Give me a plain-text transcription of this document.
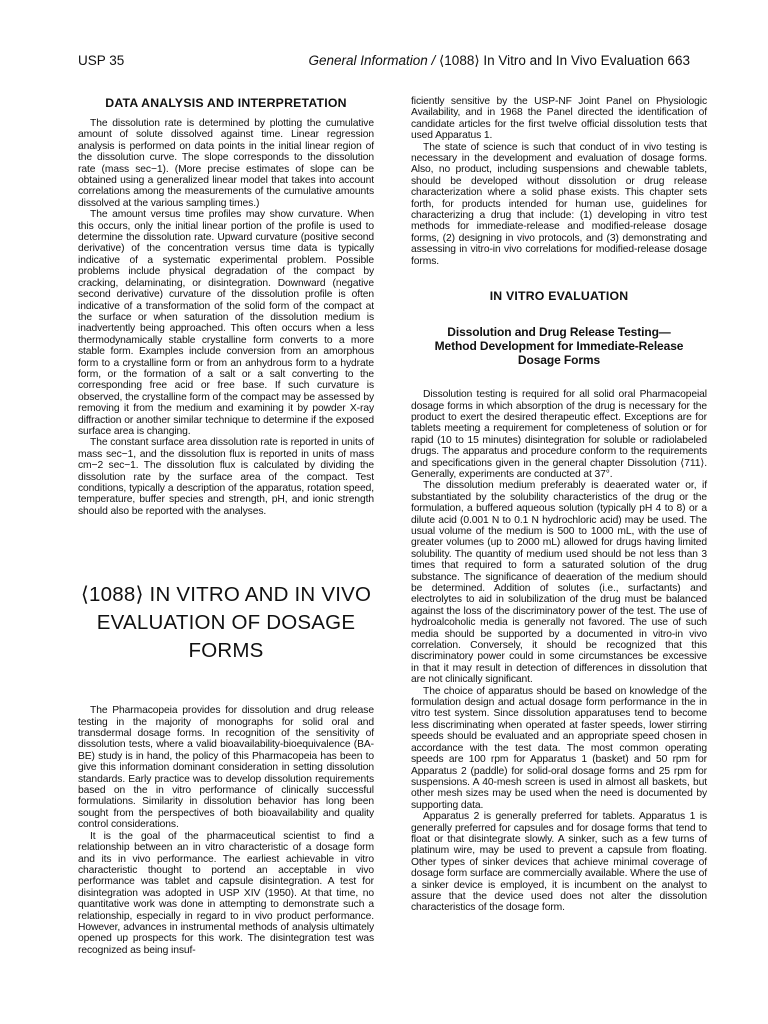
USP 35	General Information / ⟨1088⟩ In Vitro and In Vivo Evaluation 663
DATA ANALYSIS AND INTERPRETATION

The dissolution rate is determined by plotting the cumulative amount of solute dissolved against time. Linear regression analysis is performed on data points in the initial linear region of the dissolution curve. The slope corresponds to the dissolution rate (mass sec−1). (More precise estimates of slope can be obtained using a generalized linear model that takes into account correlations among the measurements of the cumulative amounts dissolved at the various sampling times.)

The amount versus time profiles may show curvature. When this occurs, only the initial linear portion of the profile is used to determine the dissolution rate. Upward curvature (positive second derivative) of the concentration versus time data is typically indicative of a systematic experimental problem. Possible problems include physical degradation of the compact by cracking, delaminating, or disintegration. Downward (negative second derivative) curvature of the dissolution profile is often indicative of a transformation of the solid form of the compact at the surface or when saturation of the dissolution medium is inadvertently being approached. This often occurs when a less thermodynamically stable crystalline form converts to a more stable form. Examples include conversion from an amorphous form to a crystalline form or from an anhydrous form to a hydrate form, or the formation of a salt or a salt converting to the corresponding free acid or free base. If such curvature is observed, the crystalline form of the compact may be assessed by removing it from the medium and examining it by powder X-ray diffraction or another similar technique to determine if the exposed surface area is changing.

The constant surface area dissolution rate is reported in units of mass sec−1, and the dissolution flux is reported in units of mass cm−2 sec−1. The dissolution flux is calculated by dividing the dissolution rate by the surface area of the compact. Test conditions, typically a description of the apparatus, rotation speed, temperature, buffer species and strength, pH, and ionic strength should also be reported with the analyses.

⟨1088⟩ IN VITRO AND IN VIVO
EVALUATION OF DOSAGE FORMS

The Pharmacopeia provides for dissolution and drug release testing in the majority of monographs for solid oral and transdermal dosage forms. In recognition of the sensitivity of dissolution tests, where a valid bioavailability-bioequivalence (BA-BE) study is in hand, the policy of this Pharmacopeia has been to give this information dominant consideration in setting dissolution standards. Early practice was to develop dissolution requirements based on the in vitro performance of clinically successful formulations. Similarity in dissolution behavior has long been sought from the perspectives of both bioavailability and quality control considerations.

It is the goal of the pharmaceutical scientist to find a relationship between an in vitro characteristic of a dosage form and its in vivo performance. The earliest achievable in vitro characteristic thought to portend an acceptable in vivo performance was tablet and capsule disintegration. A test for disintegration was adopted in USP XIV (1950). At that time, no quantitative work was done in attempting to demonstrate such a relationship, especially in regard to in vivo product performance. However, advances in instrumental methods of analysis ultimately opened up prospects for this work. The disintegration test was recognized as being insuf-

ficiently sensitive by the USP-NF Joint Panel on Physiologic Availability, and in 1968 the Panel directed the identification of candidate articles for the first twelve official dissolution tests that used Apparatus 1.

The state of science is such that conduct of in vivo testing is necessary in the development and evaluation of dosage forms. Also, no product, including suspensions and chewable tablets, should be developed without dissolution or drug release characterization where a solid phase exists. This chapter sets forth, for products intended for human use, guidelines for characterizing a drug that include: (1) developing in vitro test methods for immediate-release and modified-release dosage forms, (2) designing in vivo protocols, and (3) demonstrating and assessing in vitro-in vivo correlations for modified-release dosage forms.

IN VITRO EVALUATION
Dissolution and Drug Release Testing—
Method Development for Immediate-Release
Dosage Forms

Dissolution testing is required for all solid oral Pharmacopeial dosage forms in which absorption of the drug is necessary for the product to exert the desired therapeutic effect. Exceptions are for tablets meeting a requirement for completeness of solution or for rapid (10 to 15 minutes) disintegration for soluble or radiolabeled drugs. The apparatus and procedure conform to the requirements and specifications given in the general chapter Dissolution ⟨711⟩. Generally, experiments are conducted at 37°.

The dissolution medium preferably is deaerated water or, if substantiated by the solubility characteristics of the drug or the formulation, a buffered aqueous solution (typically pH 4 to 8) or a dilute acid (0.001 N to 0.1 N hydrochloric acid) may be used. The usual volume of the medium is 500 to 1000 mL, with the use of greater volumes (up to 2000 mL) allowed for drugs having limited solubility. The quantity of medium used should be not less than 3 times that required to form a saturated solution of the drug substance. The significance of deaeration of the medium should be determined. Addition of solutes (i.e., surfactants) and electrolytes to aid in solubilization of the drug must be balanced against the loss of the discriminatory power of the test. The use of hydroalcoholic media is generally not favored. The use of such media should be supported by a documented in vitro-in vivo correlation. Conversely, it should be recognized that this discriminatory power could in some circumstances be excessive in that it may result in detection of differences in dissolution that are not clinically significant.

The choice of apparatus should be based on knowledge of the formulation design and actual dosage form performance in the in vitro test system. Since dissolution apparatuses tend to become less discriminating when operated at faster speeds, lower stirring speeds should be evaluated and an appropriate speed chosen in accordance with the test data. The most common operating speeds are 100 rpm for Apparatus 1 (basket) and 50 rpm for Apparatus 2 (paddle) for solid-oral dosage forms and 25 rpm for suspensions. A 40-mesh screen is used in almost all baskets, but other mesh sizes may be used when the need is documented by supporting data.

Apparatus 2 is generally preferred for tablets. Apparatus 1 is generally preferred for capsules and for dosage forms that tend to float or that disintegrate slowly. A sinker, such as a few turns of platinum wire, may be used to prevent a capsule from floating. Other types of sinker devices that achieve minimal coverage of dosage form surface are commercially available. Where the use of a sinker device is employed, it is incumbent on the analyst to assure that the device used does not alter the dissolution characteristics of the dosage form.
